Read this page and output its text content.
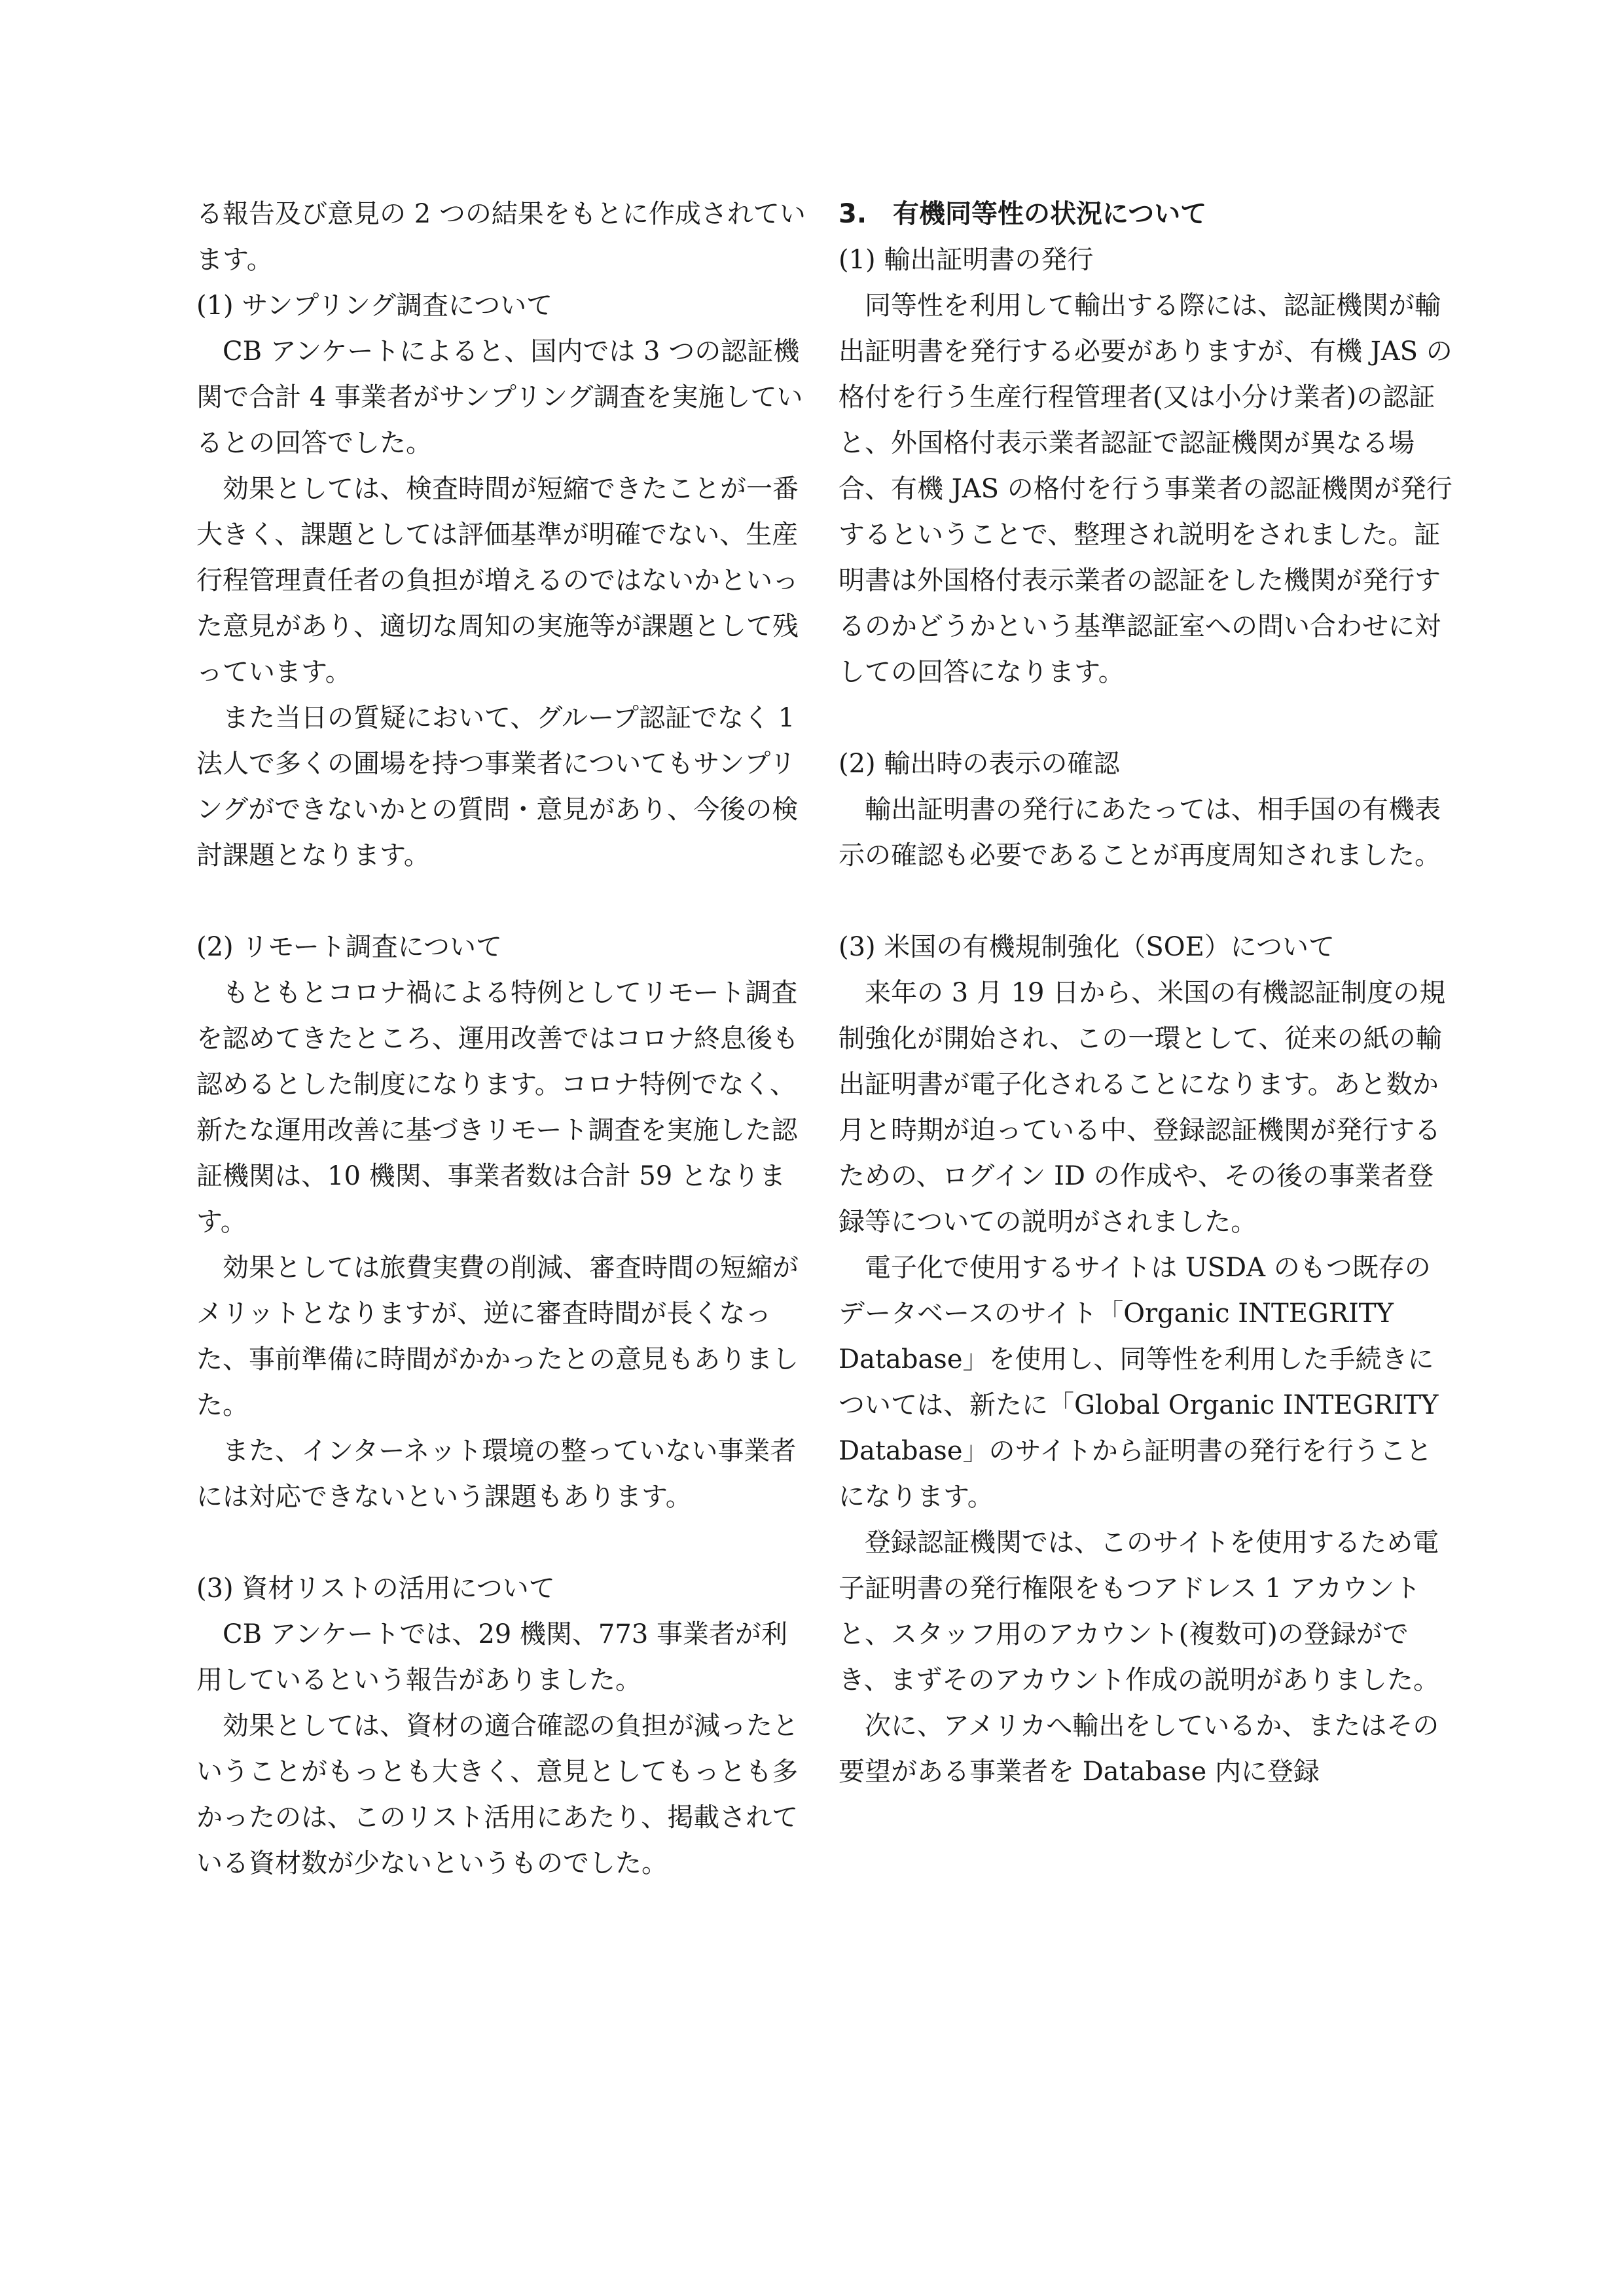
る報告及び意見の 2 つの結果をもとに作成されています。

(1) サンプリング調査について

CB アンケートによると、国内では 3 つの認証機関で合計 4 事業者がサンプリング調査を実施しているとの回答でした。

効果としては、検査時間が短縮できたことが一番大きく、課題としては評価基準が明確でない、生産行程管理責任者の負担が増えるのではないかといった意見があり、適切な周知の実施等が課題として残っています。

また当日の質疑において、グループ認証でなく 1 法人で多くの圃場を持つ事業者についてもサンプリングができないかとの質問・意見があり、今後の検討課題となります。

(2) リモート調査について

もともとコロナ禍による特例としてリモート調査を認めてきたところ、運用改善ではコロナ終息後も認めるとした制度になります。コロナ特例でなく、新たな運用改善に基づきリモート調査を実施した認証機関は、10 機関、事業者数は合計 59 となります。

効果としては旅費実費の削減、審査時間の短縮がメリットとなりますが、逆に審査時間が長くなった、事前準備に時間がかかったとの意見もありました。

また、インターネット環境の整っていない事業者には対応できないという課題もあります。

(3) 資材リストの活用について

CB アンケートでは、29 機関、773 事業者が利用しているという報告がありました。

効果としては、資材の適合確認の負担が減ったということがもっとも大きく、意見としてもっとも多かったのは、このリスト活用にあたり、掲載されている資材数が少ないというものでした。

3.　有機同等性の状況について

(1) 輸出証明書の発行

同等性を利用して輸出する際には、認証機関が輸出証明書を発行する必要がありますが、有機 JAS の格付を行う生産行程管理者(又は小分け業者)の認証と、外国格付表示業者認証で認証機関が異なる場合、有機 JAS の格付を行う事業者の認証機関が発行するということで、整理され説明をされました。証明書は外国格付表示業者の認証をした機関が発行するのかどうかという基準認証室への問い合わせに対しての回答になります。

(2) 輸出時の表示の確認

輸出証明書の発行にあたっては、相手国の有機表示の確認も必要であることが再度周知されました。

(3) 米国の有機規制強化（SOE）について

来年の 3 月 19 日から、米国の有機認証制度の規制強化が開始され、この一環として、従来の紙の輸出証明書が電子化されることになります。あと数か月と時期が迫っている中、登録認証機関が発行するための、ログイン ID の作成や、その後の事業者登録等についての説明がされました。

電子化で使用するサイトは USDA のもつ既存のデータベースのサイト「Organic INTEGRITY Database」を使用し、同等性を利用した手続きについては、新たに「Global Organic INTEGRITY Database」のサイトから証明書の発行を行うことになります。

登録認証機関では、このサイトを使用するため電子証明書の発行権限をもつアドレス 1 アカウントと、スタッフ用のアカウント(複数可)の登録ができ、まずそのアカウント作成の説明がありました。

次に、アメリカへ輸出をしているか、またはその要望がある事業者を Database 内に登録
